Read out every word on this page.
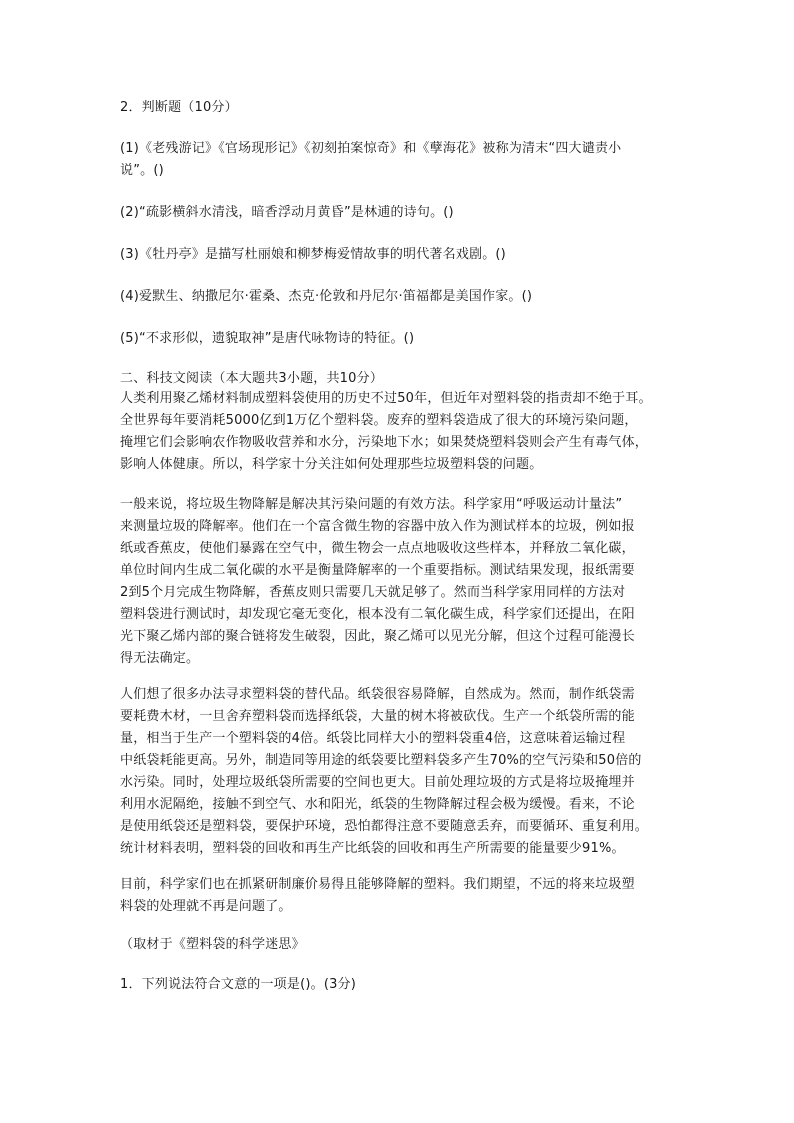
2．判断题（10分）
(1)《老残游记》《官场现形记》《初刻拍案惊奇》和《孽海花》被称为清末“四大谴责小
说”。()
(2)“疏影横斜水清浅，暗香浮动月黄昏”是林逋的诗句。()
(3)《牡丹亭》是描写杜丽娘和柳梦梅爱情故事的明代著名戏剧。()
(4)爱默生、纳撒尼尔·霍桑、杰克·伦敦和丹尼尔·笛福都是美国作家。()
(5)“不求形似，遗貌取神”是唐代咏物诗的特征。()
二、科技文阅读（本大题共3小题，共10分）
人类利用聚乙烯材料制成塑料袋使用的历史不过50年，但近年对塑料袋的指责却不绝于耳。
全世界每年要消耗5000亿到1万亿个塑料袋。废弃的塑料袋造成了很大的环境污染问题，
掩埋它们会影响农作物吸收营养和水分，污染地下水；如果焚烧塑料袋则会产生有毒气体，
影响人体健康。所以，科学家十分关注如何处理那些垃圾塑料袋的问题。
一般来说，将垃圾生物降解是解决其污染问题的有效方法。科学家用“呼吸运动计量法”
来测量垃圾的降解率。他们在一个富含微生物的容器中放入作为测试样本的垃圾，例如报
纸或香蕉皮，使他们暴露在空气中，微生物会一点点地吸收这些样本，并释放二氧化碳，
单位时间内生成二氧化碳的水平是衡量降解率的一个重要指标。测试结果发现，报纸需要
2到5个月完成生物降解，香蕉皮则只需要几天就足够了。然而当科学家用同样的方法对
塑料袋进行测试时，却发现它毫无变化，根本没有二氧化碳生成，科学家们还提出，在阳
光下聚乙烯内部的聚合链将发生破裂，因此，聚乙烯可以见光分解，但这个过程可能漫长
得无法确定。
人们想了很多办法寻求塑料袋的替代品。纸袋很容易降解，自然成为。然而，制作纸袋需
要耗费木材，一旦舍弃塑料袋而选择纸袋，大量的树木将被砍伐。生产一个纸袋所需的能
量，相当于生产一个塑料袋的4倍。纸袋比同样大小的塑料袋重4倍，这意味着运输过程
中纸袋耗能更高。另外，制造同等用途的纸袋要比塑料袋多产生70%的空气污染和50倍的
水污染。同时，处理垃圾纸袋所需要的空间也更大。目前处理垃圾的方式是将垃圾掩埋并
利用水泥隔绝，接触不到空气、水和阳光，纸袋的生物降解过程会极为缓慢。看来，不论
是使用纸袋还是塑料袋，要保护环境，恐怕都得注意不要随意丢弃，而要循环、重复利用。
统计材料表明，塑料袋的回收和再生产比纸袋的回收和再生产所需要的能量要少91%。
目前，科学家们也在抓紧研制廉价易得且能够降解的塑料。我们期望，不远的将来垃圾塑
料袋的处理就不再是问题了。
（取材于《塑料袋的科学迷思》
1．下列说法符合文意的一项是()。(3分)
